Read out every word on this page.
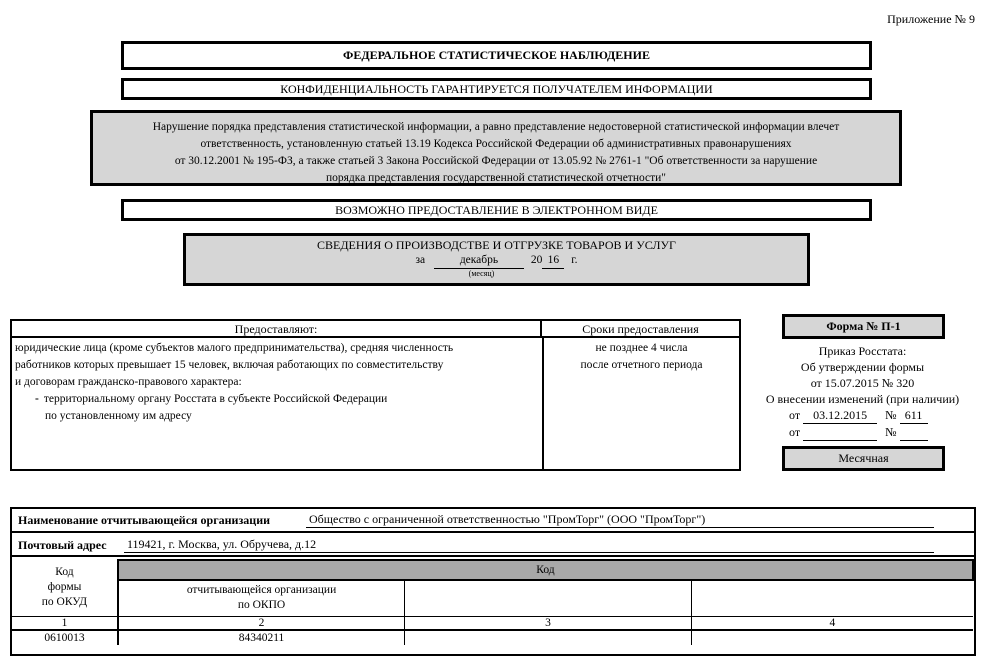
Приложение № 9
ФЕДЕРАЛЬНОЕ СТАТИСТИЧЕСКОЕ НАБЛЮДЕНИЕ
КОНФИДЕНЦИАЛЬНОСТЬ ГАРАНТИРУЕТСЯ ПОЛУЧАТЕЛЕМ ИНФОРМАЦИИ
Нарушение порядка представления статистической информации, а равно представление недостоверной статистической информации влечет
ответственность, установленную статьей 13.19 Кодекса Российской Федерации об административных правонарушениях
от 30.12.2001 № 195-ФЗ, а также статьей 3 Закона Российской Федерации от 13.05.92 № 2761-1 "Об ответственности за нарушение
порядка представления государственной статистической отчетности"
ВОЗМОЖНО ПРЕДОСТАВЛЕНИЕ В ЭЛЕКТРОННОМ ВИДЕ
СВЕДЕНИЯ О ПРОИЗВОДСТВЕ И ОТГРУЗКЕ ТОВАРОВ И УСЛУГ
за	декабрь	20 16 г.
(месяц)
Предоставляют:	Сроки предоставления
юридические лица (кроме субъектов малого предпринимательства), средняя численность
работников которых превышает 15 человек, включая работающих по совместительству
и договорам гражданско-правового характера:
- территориальному органу Росстата в субъекте Российской Федерации
по установленному им адресу
не позднее 4 числа
после отчетного периода
Форма № П-1
Приказ Росстата:
Об утверждении формы
от 15.07.2015 № 320
О внесении изменений (при наличии)
от 03.12.2015 № 611
от	№
Месячная
Наименование отчитывающейся организации	Общество с ограниченной ответственностью "ПромТорг" (ООО "ПромТорг")
Почтовый адрес 119421, г. Москва, ул. Обручева, д.12
Код
формы
по ОКУД	Код		

	отчитывающейся организации
по ОКПО		

1	2	3	4
0610013	84340211		
